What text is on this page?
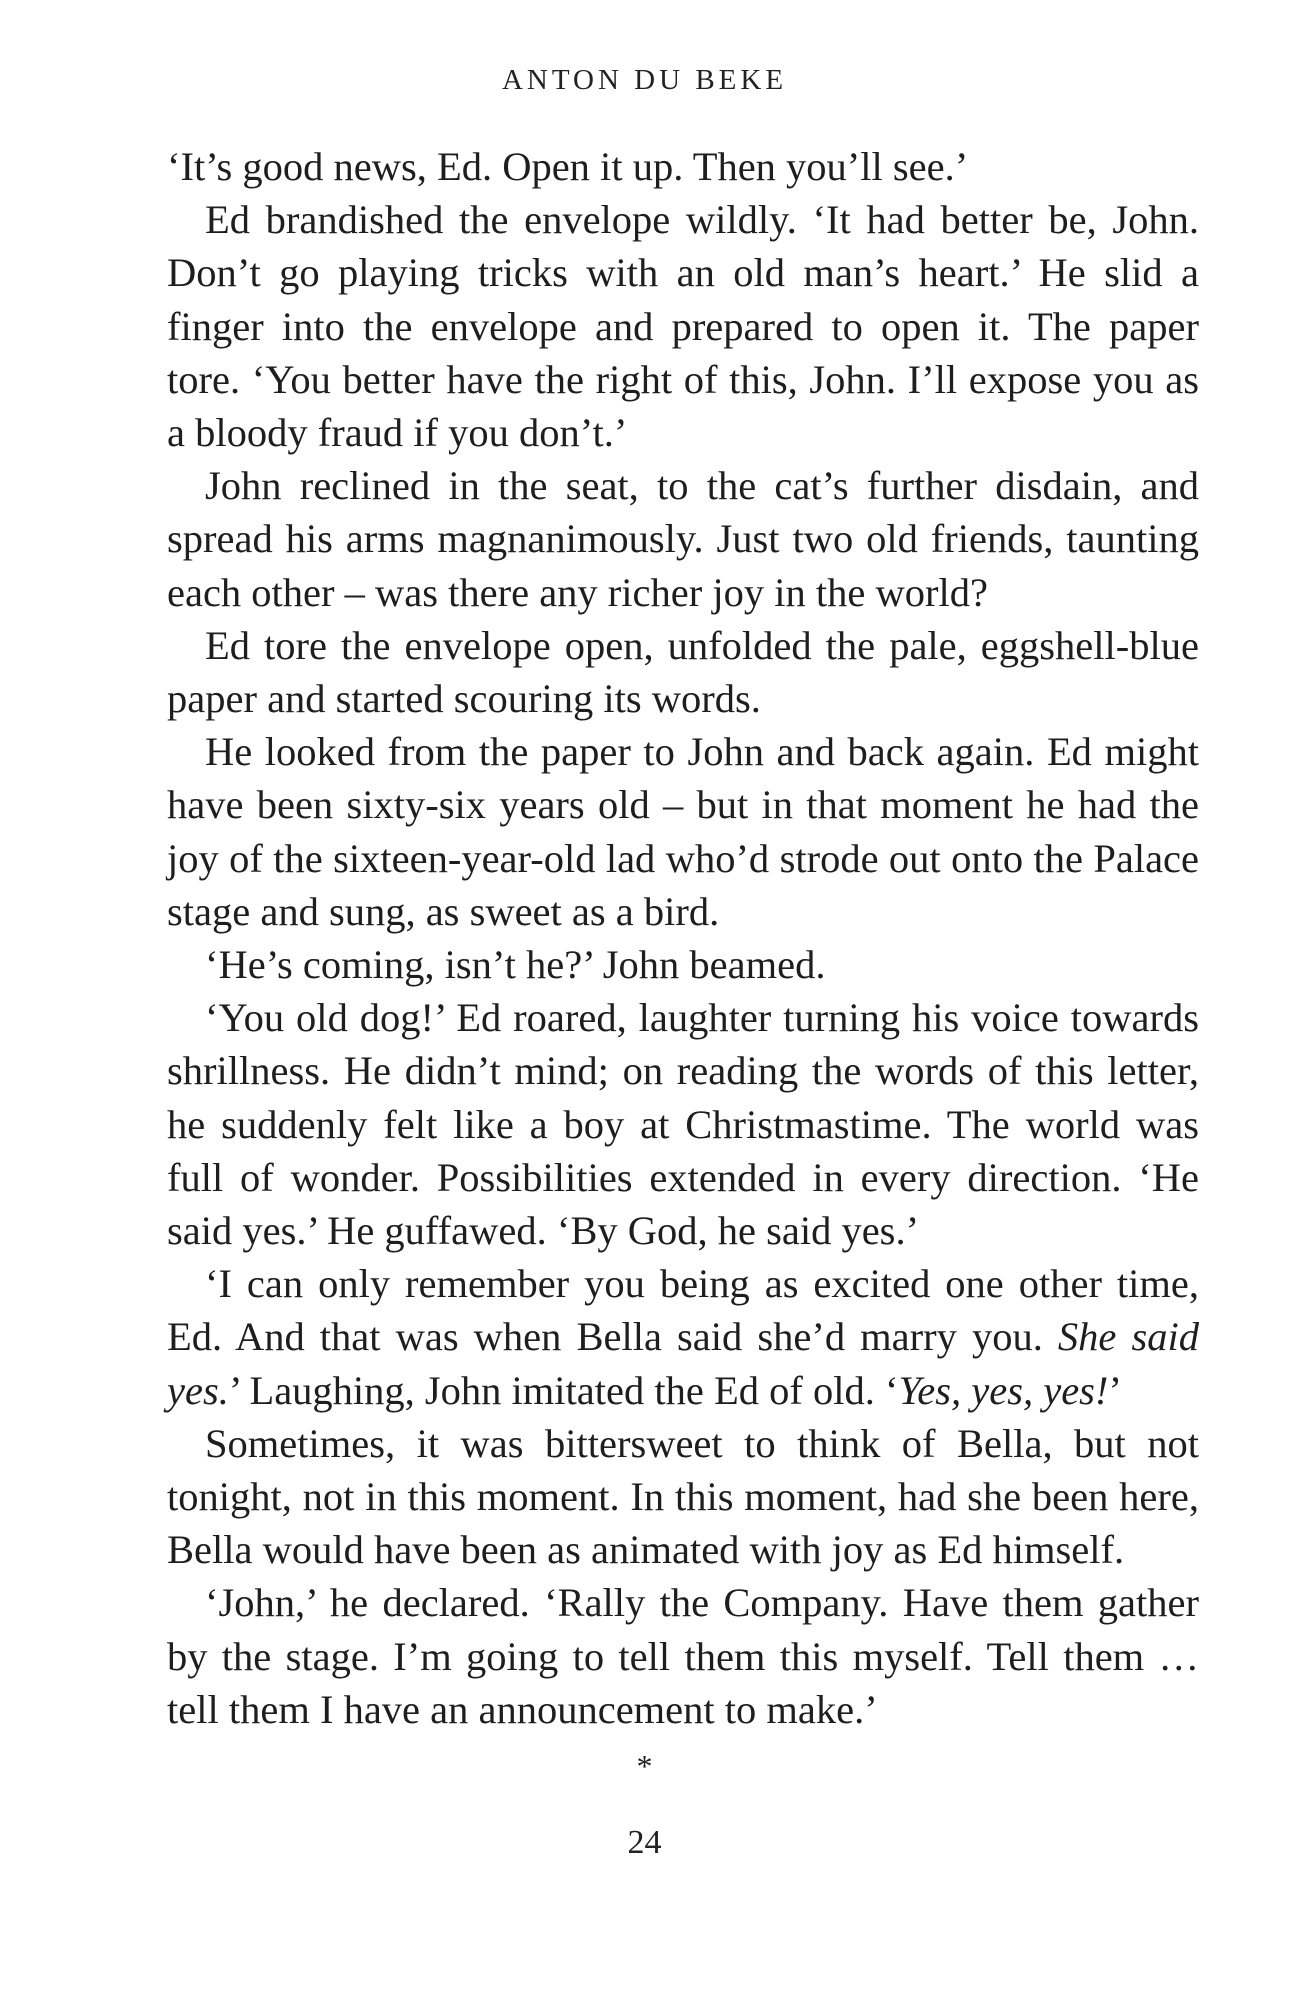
ANTON DU BEKE

‘It’s good news, Ed. Open it up. Then you’ll see.’

Ed brandished the envelope wildly. ‘It had better be, John. Don’t go playing tricks with an old man’s heart.’ He slid a finger into the envelope and prepared to open it. The paper tore. ‘You better have the right of this, John. I’ll expose you as a bloody fraud if you don’t.’

John reclined in the seat, to the cat’s further disdain, and spread his arms magnanimously. Just two old friends, taunting each other – was there any richer joy in the world?

Ed tore the envelope open, unfolded the pale, eggshell-blue paper and started scouring its words.

He looked from the paper to John and back again. Ed might have been sixty-six years old – but in that moment he had the joy of the sixteen-year-old lad who’d strode out onto the Palace stage and sung, as sweet as a bird.

‘He’s coming, isn’t he?’ John beamed.

‘You old dog!’ Ed roared, laughter turning his voice towards shrillness. He didn’t mind; on reading the words of this letter, he suddenly felt like a boy at Christmastime. The world was full of wonder. Possibilities extended in every direction. ‘He said yes.’ He guffawed. ‘By God, he said yes.’

‘I can only remember you being as excited one other time, Ed. And that was when Bella said she’d marry you. She said yes.’ Laughing, John imitated the Ed of old. ‘Yes, yes, yes!’

Sometimes, it was bittersweet to think of Bella, but not tonight, not in this moment. In this moment, had she been here, Bella would have been as animated with joy as Ed himself.

‘John,’ he declared. ‘Rally the Company. Have them gather by the stage. I’m going to tell them this myself. Tell them … tell them I have an announcement to make.’

*
24
